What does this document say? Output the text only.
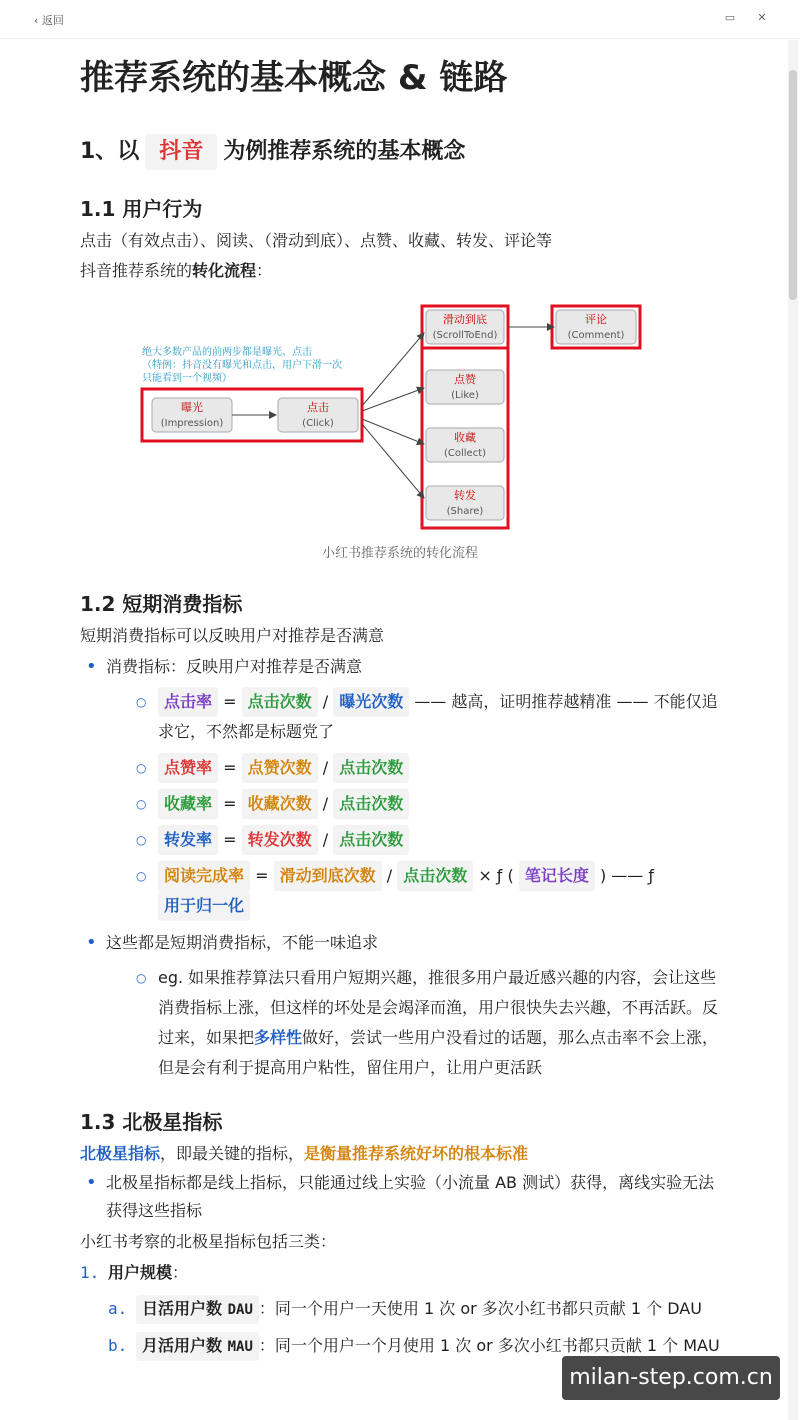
‹ 返回	▭	✕
推荐系统的基本概念 & 链路
1、以 抖音 为例推荐系统的基本概念
1.1 用户行为

点击（有效点击）、阅读、（滑动到底）、点赞、收藏、转发、评论等

抖音推荐系统的转化流程：

绝大多数产品的前两步都是曝光、点击
（特例：抖音没有曝光和点击，用户下滑一次
只能看到一个视频）
曝光
(Impression)
点击
(Click)
滑动到底
(ScrollToEnd)
评论
(Comment)
点赞
(Like)
收藏
(Collect)
转发
(Share)
小红书推荐系统的转化流程
1.2 短期消费指标

短期消费指标可以反映用户对推荐是否满意

• 消费指标：反映用户对推荐是否满意
○ 点击率 = 点击次数 / 曝光次数 —— 越高，证明推荐越精准 —— 不能仅追求它，不然都是标题党了
○ 点赞率 = 点赞次数 / 点击次数
○ 收藏率 = 收藏次数 / 点击次数
○ 转发率 = 转发次数 / 点击次数
○ 阅读完成率 = 滑动到底次数 / 点击次数 × ƒ ( 笔记长度 ) —— ƒ 用于归一化
• 这些都是短期消费指标，不能一味追求
○ eg. 如果推荐算法只看用户短期兴趣，推很多用户最近感兴趣的内容，会让这些消费指标上涨，但这样的坏处是会竭泽而渔，用户很快失去兴趣，不再活跃。反过来，如果把多样性做好，尝试一些用户没看过的话题，那么点击率不会上涨，但是会有利于提高用户粘性，留住用户，让用户更活跃
1.3 北极星指标

北极星指标，即最关键的指标，是衡量推荐系统好坏的根本标准

• 北极星指标都是线上指标，只能通过线上实验（小流量 AB 测试）获得，离线实验无法获得这些指标

小红书考察的北极星指标包括三类：

1. 用户规模：
a. 日活用户数 DAU ：同一个用户一天使用 1 次 or 多次小红书都只贡献 1 个 DAU
b. 月活用户数 MAU ：同一个用户一个月使用 1 次 or 多次小红书都只贡献 1 个 MAU
milan-step.com.cn
